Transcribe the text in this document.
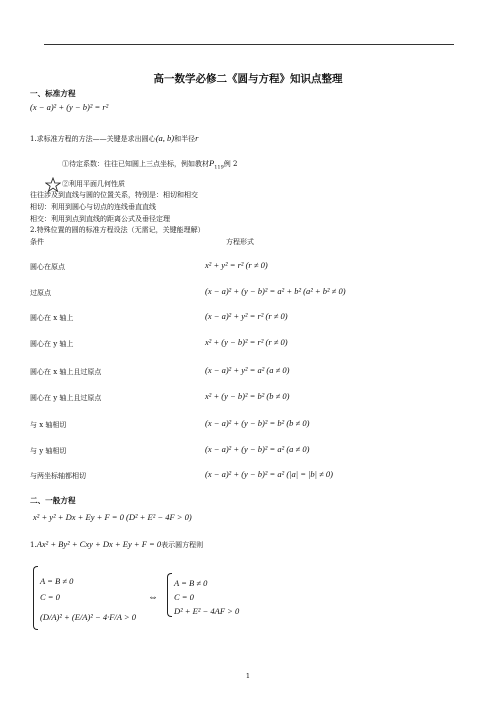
高一数学必修二《圆与方程》知识点整理
一、标准方程
(x − a)² + (y − b)² = r²
1.求标准方程的方法——关键是求出圆心(a, b)和半径r
①待定系数：往往已知圆上三点坐标，例如教材$P_{119}$例 2
②利用平面几何性质
往往涉及到直线与圆的位置关系，特别是：相切和相交
相切：利用到圆心与切点的连线垂直直线
相交：利用到点到直线的距离公式及垂径定理
2.特殊位置的圆的标准方程设法（无需记，关键能理解）
条件	方程形式
圆心在原点	x² + y² = r² (r ≠ 0)
过原点	(x − a)² + (y − b)² = a² + b² (a² + b² ≠ 0)
圆心在 x 轴上	(x − a)² + y² = r² (r ≠ 0)
圆心在 y 轴上	x² + (y − b)² = r² (r ≠ 0)
圆心在 x 轴上且过原点	(x − a)² + y² = a² (a ≠ 0)
圆心在 y 轴上且过原点	x² + (y − b)² = b² (b ≠ 0)
与 x 轴相切	(x − a)² + (y − b)² = b² (b ≠ 0)
与 y 轴相切	(x − a)² + (y − b)² = a² (a ≠ 0)
与两坐标轴都相切	(x − a)² + (y − b)² = a² (|a| = |b| ≠ 0)
二、一般方程
x² + y² + Dx + Ey + F = 0 (D² + E² − 4F > 0)
1.Ax² + By² + Cxy + Dx + Ey + F = 0表示圆方程则
A = B ≠ 0
C = 0
(D/A)² + (E/A)² − 4·F/A > 0
⇔
A = B ≠ 0
C = 0
D² + E² − 4AF > 0
1
